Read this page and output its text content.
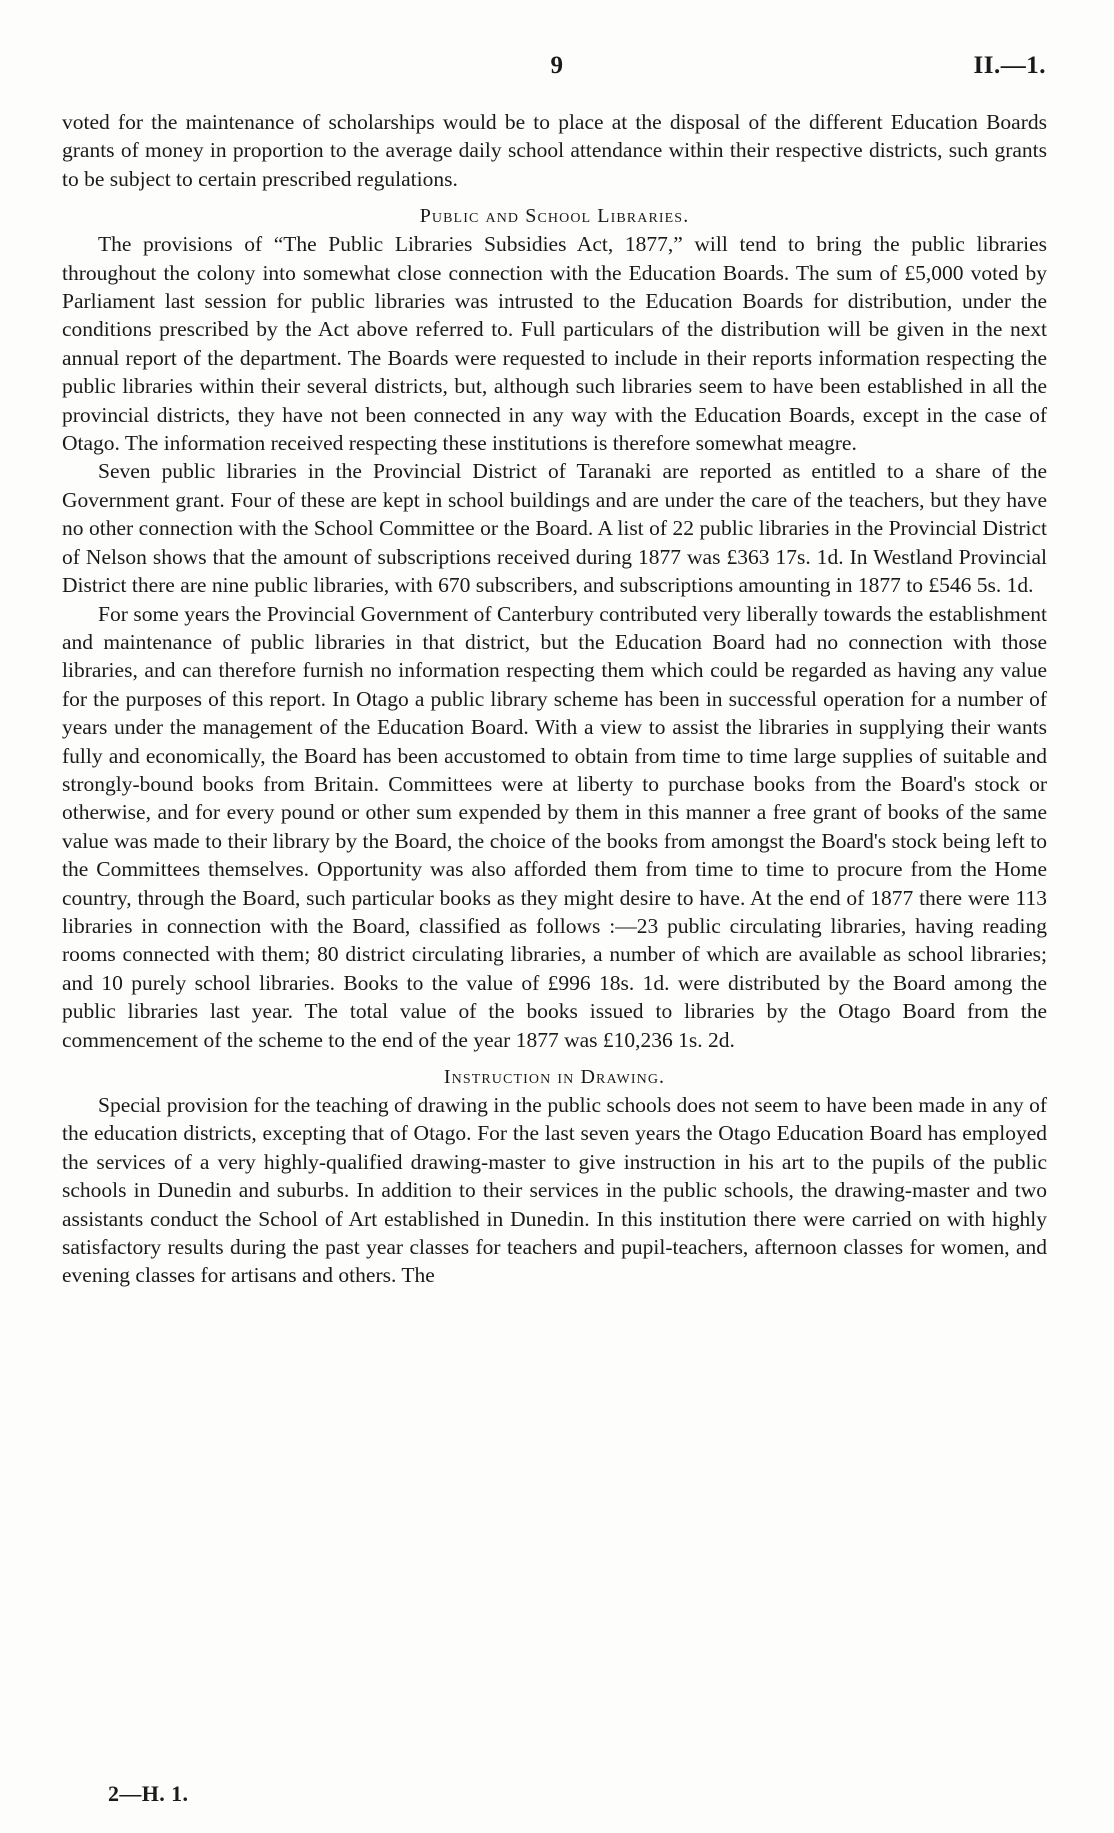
9	II.—1.

voted for the maintenance of scholarships would be to place at the disposal of the different Education Boards grants of money in proportion to the average daily school attendance within their respective districts, such grants to be subject to certain prescribed regulations.

Public and School Libraries.

The provisions of “The Public Libraries Subsidies Act, 1877,” will tend to bring the public libraries throughout the colony into somewhat close connection with the Education Boards. The sum of £5,000 voted by Parliament last session for public libraries was intrusted to the Education Boards for distribution, under the conditions prescribed by the Act above referred to. Full particulars of the distribution will be given in the next annual report of the department. The Boards were requested to include in their reports information respecting the public libraries within their several districts, but, although such libraries seem to have been established in all the provincial districts, they have not been connected in any way with the Education Boards, except in the case of Otago. The information received respecting these institutions is therefore somewhat meagre.

Seven public libraries in the Provincial District of Taranaki are reported as entitled to a share of the Government grant. Four of these are kept in school buildings and are under the care of the teachers, but they have no other connection with the School Committee or the Board. A list of 22 public libraries in the Provincial District of Nelson shows that the amount of subscriptions received during 1877 was £363 17s. 1d. In Westland Provincial District there are nine public libraries, with 670 subscribers, and subscriptions amounting in 1877 to £546 5s. 1d.

For some years the Provincial Government of Canterbury contributed very liberally towards the establishment and maintenance of public libraries in that district, but the Education Board had no connection with those libraries, and can therefore furnish no information respecting them which could be regarded as having any value for the purposes of this report. In Otago a public library scheme has been in successful operation for a number of years under the management of the Education Board. With a view to assist the libraries in supplying their wants fully and economically, the Board has been accustomed to obtain from time to time large supplies of suitable and strongly-bound books from Britain. Committees were at liberty to purchase books from the Board's stock or otherwise, and for every pound or other sum expended by them in this manner a free grant of books of the same value was made to their library by the Board, the choice of the books from amongst the Board's stock being left to the Committees themselves. Opportunity was also afforded them from time to time to procure from the Home country, through the Board, such particular books as they might desire to have. At the end of 1877 there were 113 libraries in connection with the Board, classified as follows :—23 public circulating libraries, having reading rooms connected with them; 80 district circulating libraries, a number of which are available as school libraries; and 10 purely school libraries. Books to the value of £996 18s. 1d. were distributed by the Board among the public libraries last year. The total value of the books issued to libraries by the Otago Board from the commencement of the scheme to the end of the year 1877 was £10,236 1s. 2d.

Instruction in Drawing.

Special provision for the teaching of drawing in the public schools does not seem to have been made in any of the education districts, excepting that of Otago. For the last seven years the Otago Education Board has employed the services of a very highly-qualified drawing-master to give instruction in his art to the pupils of the public schools in Dunedin and suburbs. In addition to their services in the public schools, the drawing-master and two assistants conduct the School of Art established in Dunedin. In this institution there were carried on with highly satisfactory results during the past year classes for teachers and pupil-teachers, afternoon classes for women, and evening classes for artisans and others. The

2—H. 1.
